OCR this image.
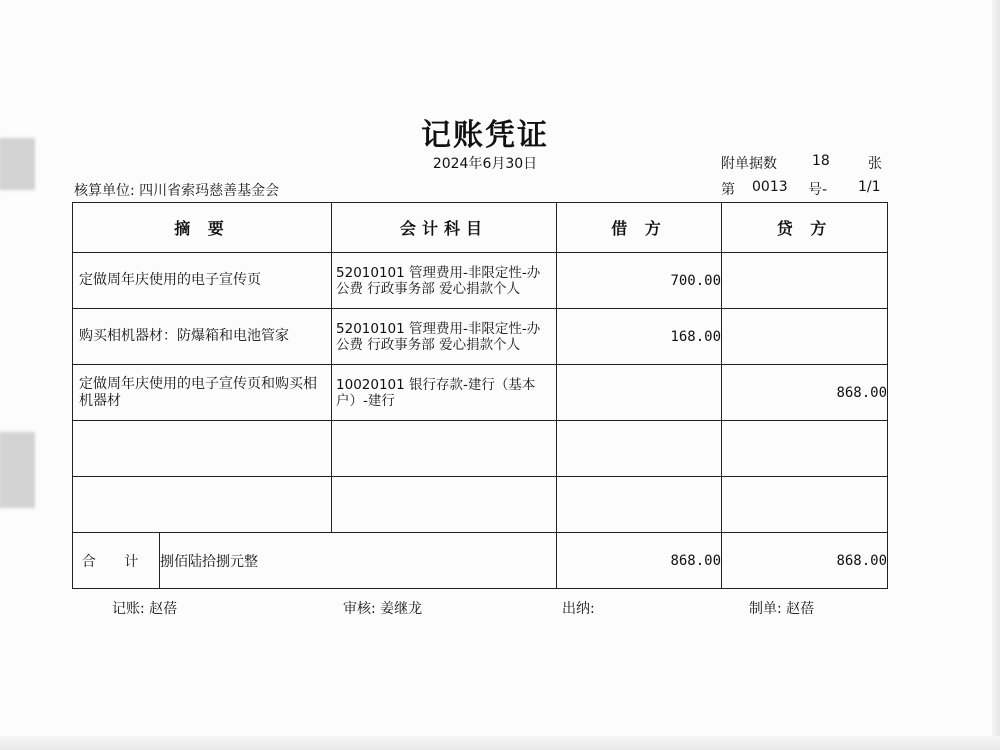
记账凭证
2024年6月30日
核算单位: 四川省索玛慈善基金会
附单据数	18	张
第 0013 号- 1/1
摘 要		会计科目	借 方	贷 方

定做周年庆使用的电子宣传页		52010101 管理费用-非限定性-办公费 行政事务部 爱心捐款个人	700.00	

购买相机器材：防爆箱和电池管家		52010101 管理费用-非限定性-办公费 行政事务部 爱心捐款个人	168.00	

定做周年庆使用的电子宣传页和购买相机器材		10020101 银行存款-建行（基本户）-建行		868.00

合 计	捌佰陆拾捌元整		868.00	868.00
记账: 赵蓓	审核: 姜继龙	出纳:	制单: 赵蓓
